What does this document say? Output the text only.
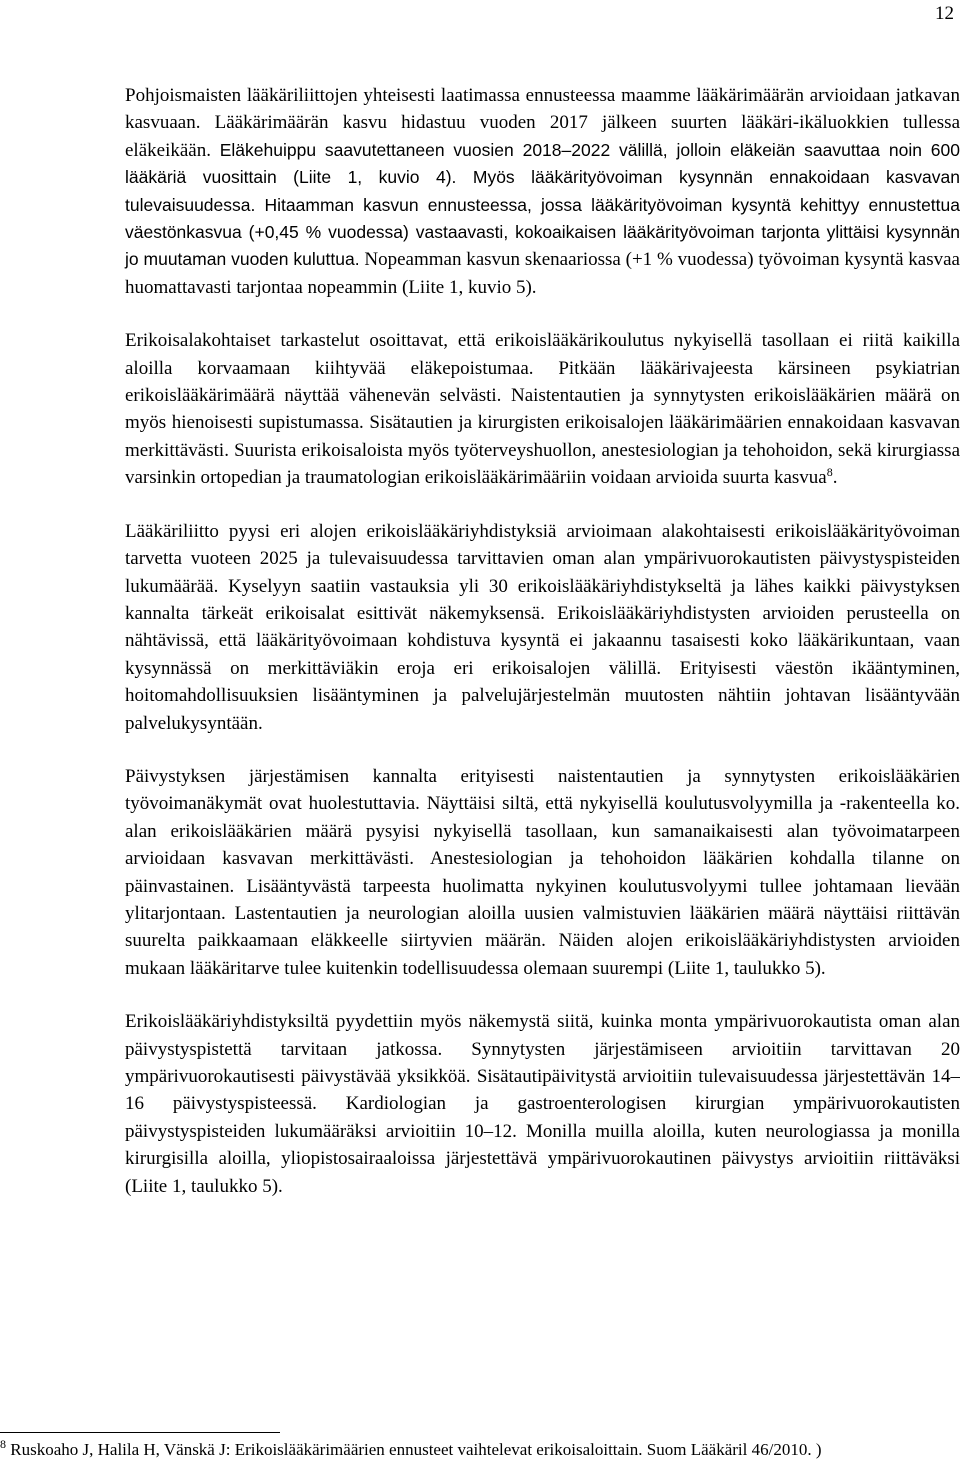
12

Pohjoismaisten lääkäriliittojen yhteisesti laatimassa ennusteessa maamme lääkärimäärän arvioidaan jatkavan kasvuaan. Lääkärimäärän kasvu hidastuu vuoden 2017 jälkeen suurten lääkäri-ikäluokkien tullessa eläkeikään. Eläkehuippu saavutettaneen vuosien 2018–2022 välillä, jolloin eläkeiän saavuttaa noin 600 lääkäriä vuosittain (Liite 1, kuvio 4). Myös lääkärityövoiman kysynnän ennakoidaan kasvavan tulevaisuudessa. Hitaamman kasvun ennusteessa, jossa lääkärityövoiman kysyntä kehittyy ennustettua väestönkasvua (+0,45 % vuodessa) vastaavasti, kokoaikaisen lääkärityövoiman tarjonta ylittäisi kysynnän jo muutaman vuoden kuluttua. Nopeamman kasvun skenaariossa (+1 % vuodessa) työvoiman kysyntä kasvaa huomattavasti tarjontaa nopeammin (Liite 1, kuvio 5).

Erikoisalakohtaiset tarkastelut osoittavat, että erikoislääkärikoulutus nykyisellä tasollaan ei riitä kaikilla aloilla korvaamaan kiihtyvää eläkepoistumaa. Pitkään lääkärivajeesta kärsineen psykiatrian erikoislääkärimäärä näyttää vähenevän selvästi. Naistentautien ja synnytysten erikoislääkärien määrä on myös hienoisesti supistumassa. Sisätautien ja kirurgisten erikoisalojen lääkärimäärien ennakoidaan kasvavan merkittävästi. Suurista erikoisaloista myös työterveyshuollon, anestesiologian ja tehohoidon, sekä kirurgiassa varsinkin ortopedian ja traumatologian erikoislääkärimääriin voidaan arvioida suurta kasvua$^8$.

Lääkäriliitto pyysi eri alojen erikoislääkäriyhdistyksiä arvioimaan alakohtaisesti erikoislääkärityövoiman tarvetta vuoteen 2025 ja tulevaisuudessa tarvittavien oman alan ympärivuorokautisten päivystyspisteiden lukumäärää. Kyselyyn saatiin vastauksia yli 30 erikoislääkäriyhdistykseltä ja lähes kaikki päivystyksen kannalta tärkeät erikoisalat esittivät näkemyksensä. Erikoislääkäriyhdistysten arvioiden perusteella on nähtävissä, että lääkärityövoimaan kohdistuva kysyntä ei jakaannu tasaisesti koko lääkärikuntaan, vaan kysynnässä on merkittäviäkin eroja eri erikoisalojen välillä. Erityisesti väestön ikääntyminen, hoitomahdollisuuksien lisääntyminen ja palvelujärjestelmän muutosten nähtiin johtavan lisääntyvään palvelukysyntään.

Päivystyksen järjestämisen kannalta erityisesti naistentautien ja synnytysten erikoislääkärien työvoimanäkymät ovat huolestuttavia. Näyttäisi siltä, että nykyisellä koulutusvolyymilla ja -rakenteella ko. alan erikoislääkärien määrä pysyisi nykyisellä tasollaan, kun samanaikaisesti alan työvoimatarpeen arvioidaan kasvavan merkittävästi. Anestesiologian ja tehohoidon lääkärien kohdalla tilanne on päinvastainen. Lisääntyvästä tarpeesta huolimatta nykyinen koulutusvolyymi tullee johtamaan lievään ylitarjontaan. Lastentautien ja neurologian aloilla uusien valmistuvien lääkärien määrä näyttäisi riittävän suurelta paikkaamaan eläkkeelle siirtyvien määrän. Näiden alojen erikoislääkäriyhdistysten arvioiden mukaan lääkäritarve tulee kuitenkin todellisuudessa olemaan suurempi (Liite 1, taulukko 5).

Erikoislääkäriyhdistyksiltä pyydettiin myös näkemystä siitä, kuinka monta ympärivuorokautista oman alan päivystyspistettä tarvitaan jatkossa. Synnytysten järjestämiseen arvioitiin tarvittavan 20 ympärivuorokautisesti päivystävää yksikköä. Sisätautipäivitystä arvioitiin tulevaisuudessa järjestettävän 14–16 päivystyspisteessä. Kardiologian ja gastroenterologisen kirurgian ympärivuorokautisten päivystyspisteiden lukumääräksi arvioitiin 10–12. Monilla muilla aloilla, kuten neurologiassa ja monilla kirurgisilla aloilla, yliopistosairaaloissa järjestettävä ympärivuorokautinen päivystys arvioitiin riittäväksi (Liite 1, taulukko 5).

$^8$ Ruskoaho J, Halila H, Vänskä J: Erikoislääkärimäärien ennusteet vaihtelevat erikoisaloittain. Suom Lääkäril 46/2010. )
